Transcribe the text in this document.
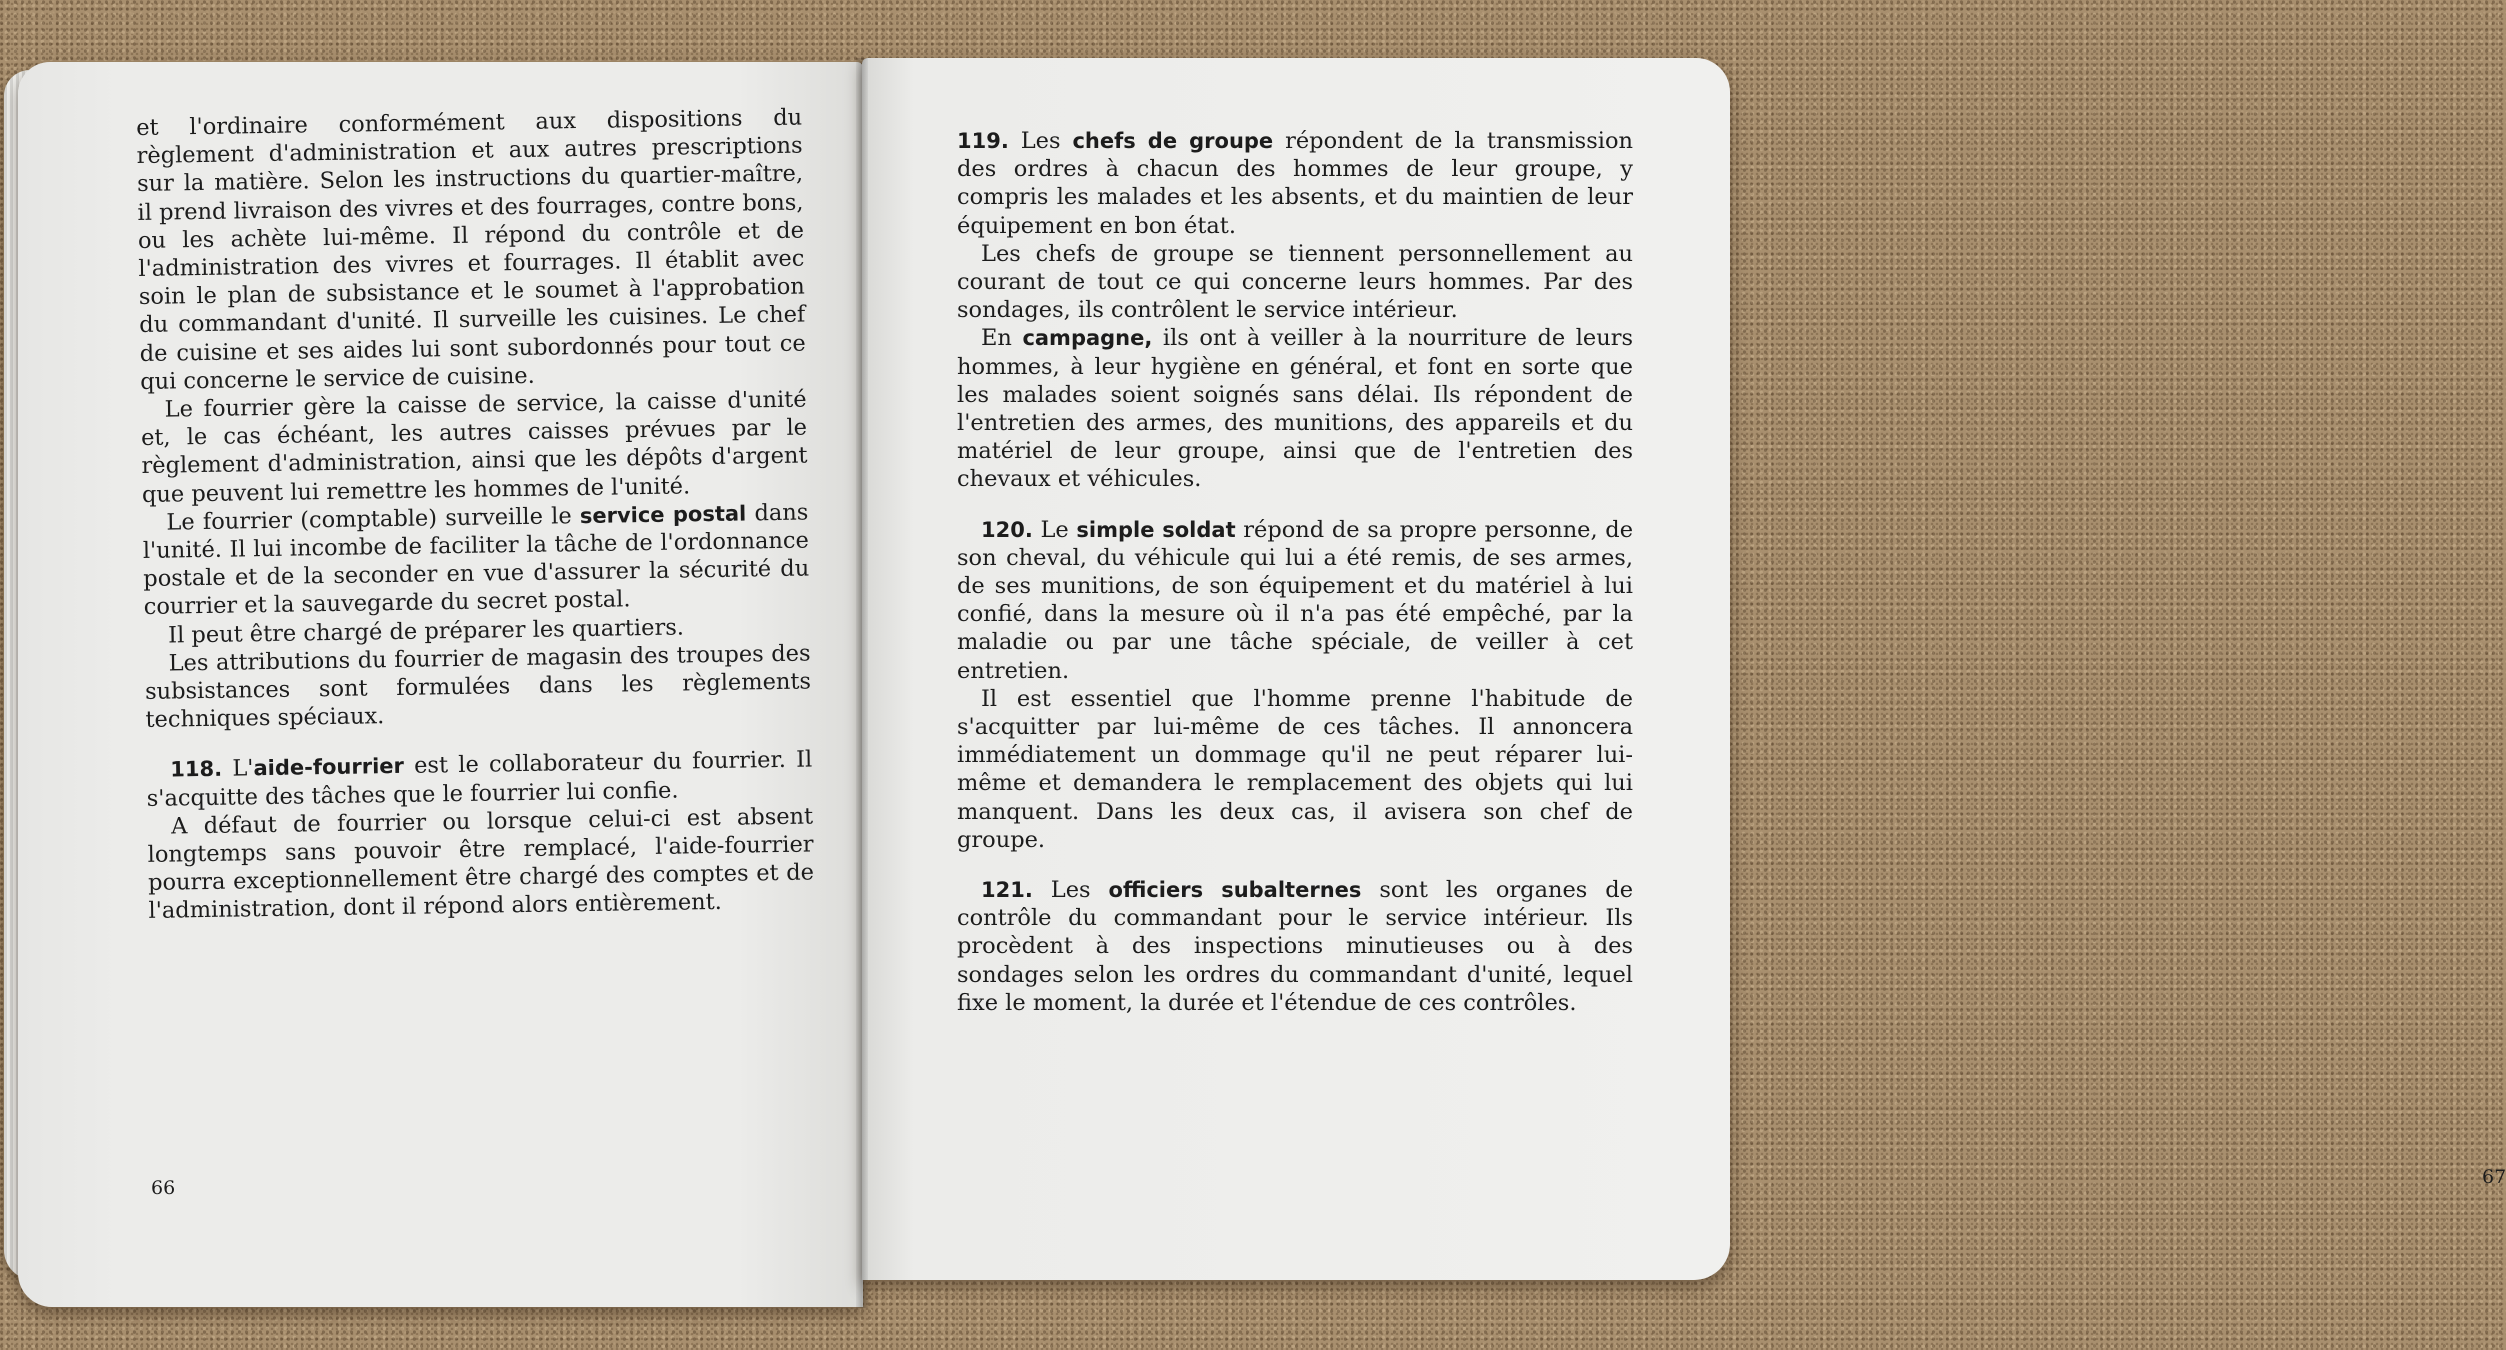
et l'ordinaire conformément aux dispositions du règlement d'administration et aux autres prescriptions sur la matière. Selon les instructions du quartier-maître, il prend livraison des vivres et des fourrages, contre bons, ou les achète lui-même. Il répond du contrôle et de l'administration des vivres et fourrages. Il établit avec soin le plan de subsistance et le soumet à l'approbation du commandant d'unité. Il surveille les cuisines. Le chef de cuisine et ses aides lui sont subordonnés pour tout ce qui concerne le service de cuisine.

Le fourrier gère la caisse de service, la caisse d'unité et, le cas échéant, les autres caisses prévues par le règlement d'administration, ainsi que les dépôts d'argent que peuvent lui remettre les hommes de l'unité.

Le fourrier (comptable) surveille le service postal dans l'unité. Il lui incombe de faciliter la tâche de l'ordonnance postale et de la seconder en vue d'assurer la sécurité du courrier et la sauvegarde du secret postal.

Il peut être chargé de préparer les quartiers.

Les attributions du fourrier de magasin des troupes des subsistances sont formulées dans les règlements techniques spéciaux.

118. L'aide-fourrier est le collaborateur du fourrier. Il s'acquitte des tâches que le fourrier lui confie.

A défaut de fourrier ou lorsque celui-ci est absent longtemps sans pouvoir être remplacé, l'aide-fourrier pourra exceptionnellement être chargé des comptes et de l'administration, dont il répond alors entièrement.

66

119. Les chefs de groupe répondent de la transmission des ordres à chacun des hommes de leur groupe, y compris les malades et les absents, et du maintien de leur équipement en bon état.

Les chefs de groupe se tiennent personnellement au courant de tout ce qui concerne leurs hommes. Par des sondages, ils contrôlent le service intérieur.

En campagne, ils ont à veiller à la nourriture de leurs hommes, à leur hygiène en général, et font en sorte que les malades soient soignés sans délai. Ils répondent de l'entretien des armes, des munitions, des appareils et du matériel de leur groupe, ainsi que de l'entretien des chevaux et véhicules.

120. Le simple soldat répond de sa propre personne, de son cheval, du véhicule qui lui a été remis, de ses armes, de ses munitions, de son équipement et du matériel à lui confié, dans la mesure où il n'a pas été empêché, par la maladie ou par une tâche spéciale, de veiller à cet entretien.

Il est essentiel que l'homme prenne l'habitude de s'acquitter par lui-même de ces tâches. Il annoncera immédiatement un dommage qu'il ne peut réparer lui-même et demandera le remplacement des objets qui lui manquent. Dans les deux cas, il avisera son chef de groupe.

121. Les officiers subalternes sont les organes de contrôle du commandant pour le service intérieur. Ils procèdent à des inspections minutieuses ou à des sondages selon les ordres du commandant d'unité, lequel fixe le moment, la durée et l'étendue de ces contrôles.

67
